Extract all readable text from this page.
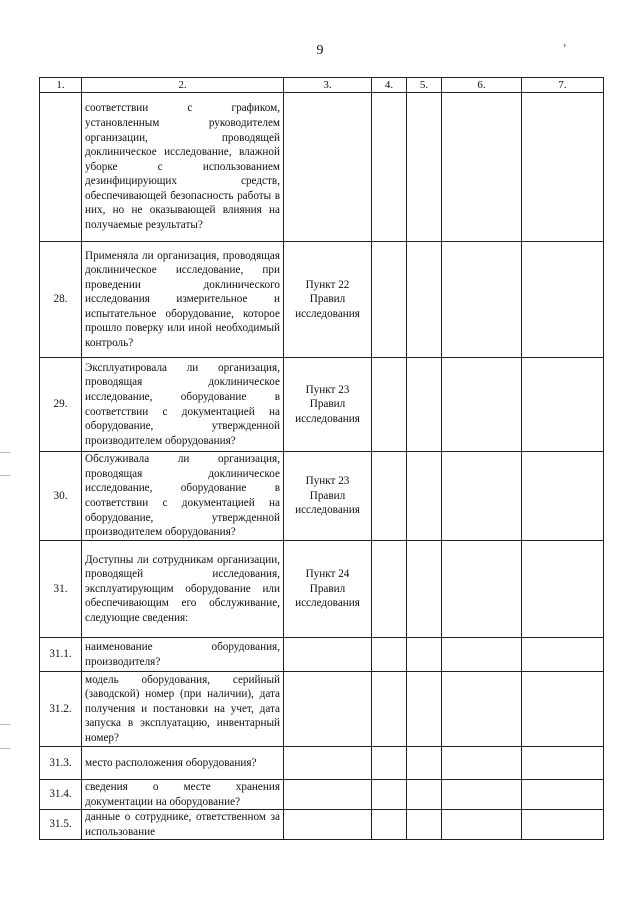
9	›
1.	2.	3.	4.	5.	6.	7.
	соответствии с графиком, установленным руководителем организации, проводящей доклиническое исследование, влажной уборке с использованием дезинфицирующих средств, обеспечивающей безопасность работы в них, но не оказывающей влияния на получаемые результаты?					
28.	Применяла ли организация, проводящая доклиническое исследование, при проведении доклинического исследования измерительное и испытательное оборудование, которое прошло поверку или иной необходимый контроль?	Пункт 22 Правил исследования				
29.	Эксплуатировала ли организация, проводящая доклиническое исследование, оборудование в соответствии с документацией на оборудование, утвержденной производителем оборудования?	Пункт 23 Правил исследования				
30.	Обслуживала ли организация, проводящая доклиническое исследование, оборудование в соответствии с документацией на оборудование, утвержденной производителем оборудования?	Пункт 23 Правил исследования				
31.	Доступны ли сотрудникам организации, проводящей исследования, эксплуатирующим оборудование или обеспечивающим его обслуживание, следующие сведения:	Пункт 24 Правил исследования				
31.1.	наименование оборудования, производителя?					
31.2.	модель оборудования, серийный (заводской) номер (при наличии), дата получения и постановки на учет, дата запуска в эксплуатацию, инвентарный номер?					
31.3.	место расположения оборудования?					
31.4.	сведения о месте хранения документации на оборудование?					
31.5.	данные о сотруднике, ответственном за использование					
